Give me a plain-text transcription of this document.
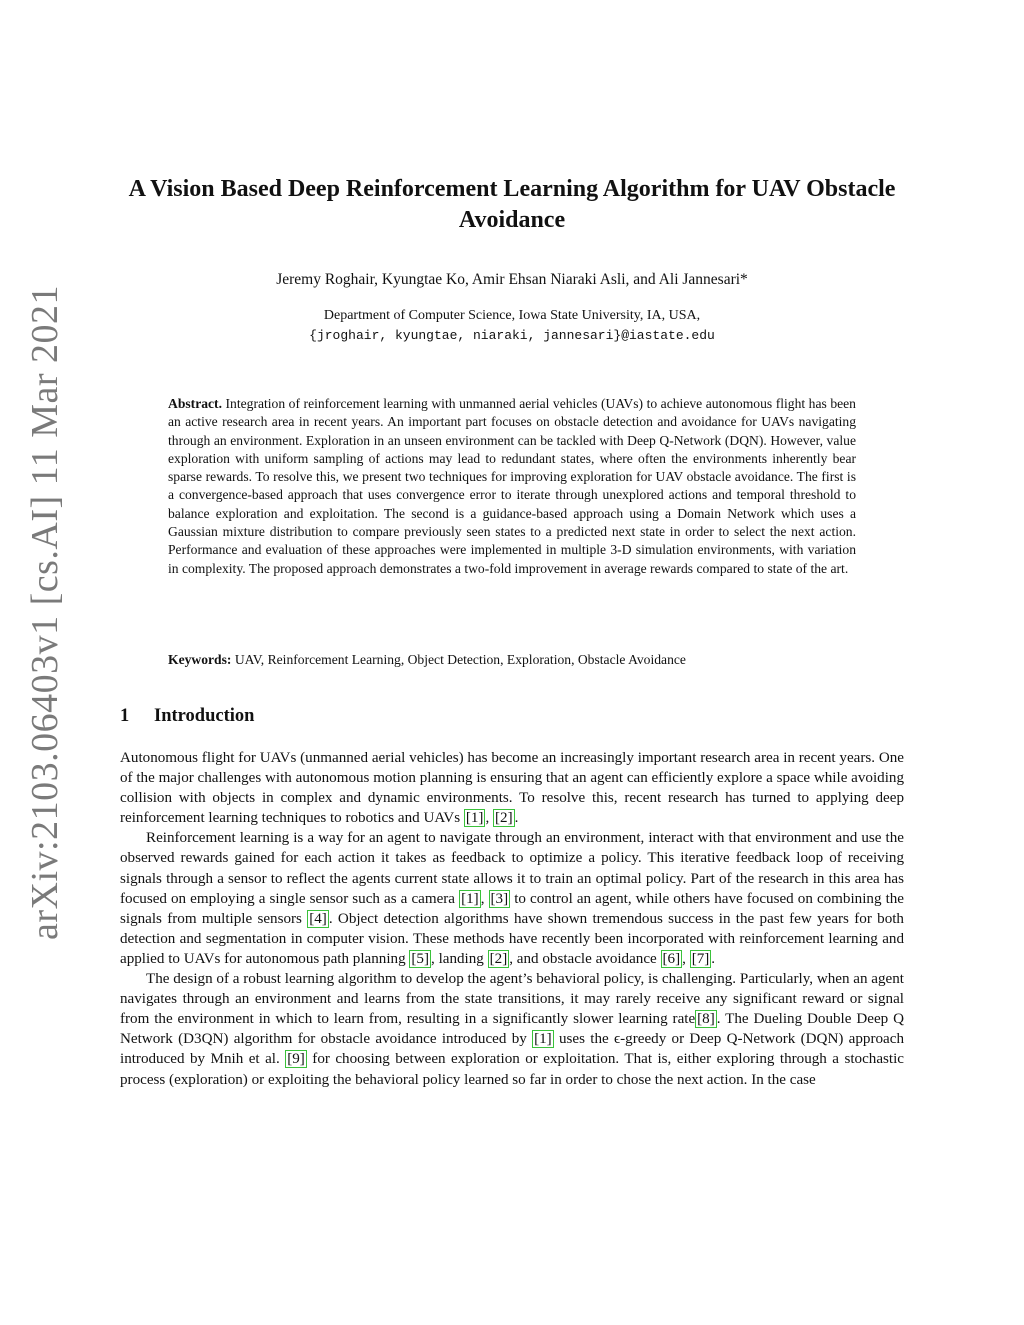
arXiv:2103.06403v1 [cs.AI] 11 Mar 2021
A Vision Based Deep Reinforcement Learning Algorithm for UAV Obstacle Avoidance
Jeremy Roghair, Kyungtae Ko, Amir Ehsan Niaraki Asli, and Ali Jannesari*
Department of Computer Science, Iowa State University, IA, USA,
{jroghair, kyungtae, niaraki, jannesari}@iastate.edu
Abstract. Integration of reinforcement learning with unmanned aerial vehicles (UAVs) to achieve autonomous flight has been an active research area in recent years. An important part focuses on obstacle detection and avoidance for UAVs navigating through an environment. Exploration in an unseen environment can be tackled with Deep Q-Network (DQN). However, value exploration with uniform sampling of actions may lead to redundant states, where often the environments inherently bear sparse rewards. To resolve this, we present two techniques for improving exploration for UAV obstacle avoidance. The first is a convergence-based approach that uses convergence error to iterate through unexplored actions and temporal threshold to balance exploration and exploitation. The second is a guidance-based approach using a Domain Network which uses a Gaussian mixture distribution to compare previously seen states to a predicted next state in order to select the next action. Performance and evaluation of these approaches were implemented in multiple 3-D simulation environments, with variation in complexity. The proposed approach demonstrates a two-fold improvement in average rewards compared to state of the art.
Keywords: UAV, Reinforcement Learning, Object Detection, Exploration, Obstacle Avoidance
1 Introduction

Autonomous flight for UAVs (unmanned aerial vehicles) has become an increasingly important research area in recent years. One of the major challenges with autonomous motion planning is ensuring that an agent can efficiently explore a space while avoiding collision with objects in complex and dynamic environments. To resolve this, recent research has turned to applying deep reinforcement learning techniques to robotics and UAVs [1] , [2] .

Reinforcement learning is a way for an agent to navigate through an environment, interact with that environment and use the observed rewards gained for each action it takes as feedback to optimize a policy. This iterative feedback loop of receiving signals through a sensor to reflect the agents current state allows it to train an optimal policy. Part of the research in this area has focused on employing a single sensor such as a camera [1] , [3] to control an agent, while others have focused on combining the signals from multiple sensors [4] . Object detection algorithms have shown tremendous success in the past few years for both detection and segmentation in computer vision. These methods have recently been incorporated with reinforcement learning and applied to UAVs for autonomous path planning [5] , landing [2] , and obstacle avoidance [6] , [7] .

The design of a robust learning algorithm to develop the agent’s behavioral policy, is challenging. Particularly, when an agent navigates through an environment and learns from the state transitions, it may rarely receive any significant reward or signal from the environment in which to learn from, resulting in a significantly slower learning rate [8] . The Dueling Double Deep Q Network (D3QN) algorithm for obstacle avoidance introduced by [1] uses the ϵ-greedy or Deep Q-Network (DQN) approach introduced by Mnih et al. [9] for choosing between exploration or exploitation. That is, either exploring through a stochastic process (exploration) or exploiting the behavioral policy learned so far in order to chose the next action. In the case
